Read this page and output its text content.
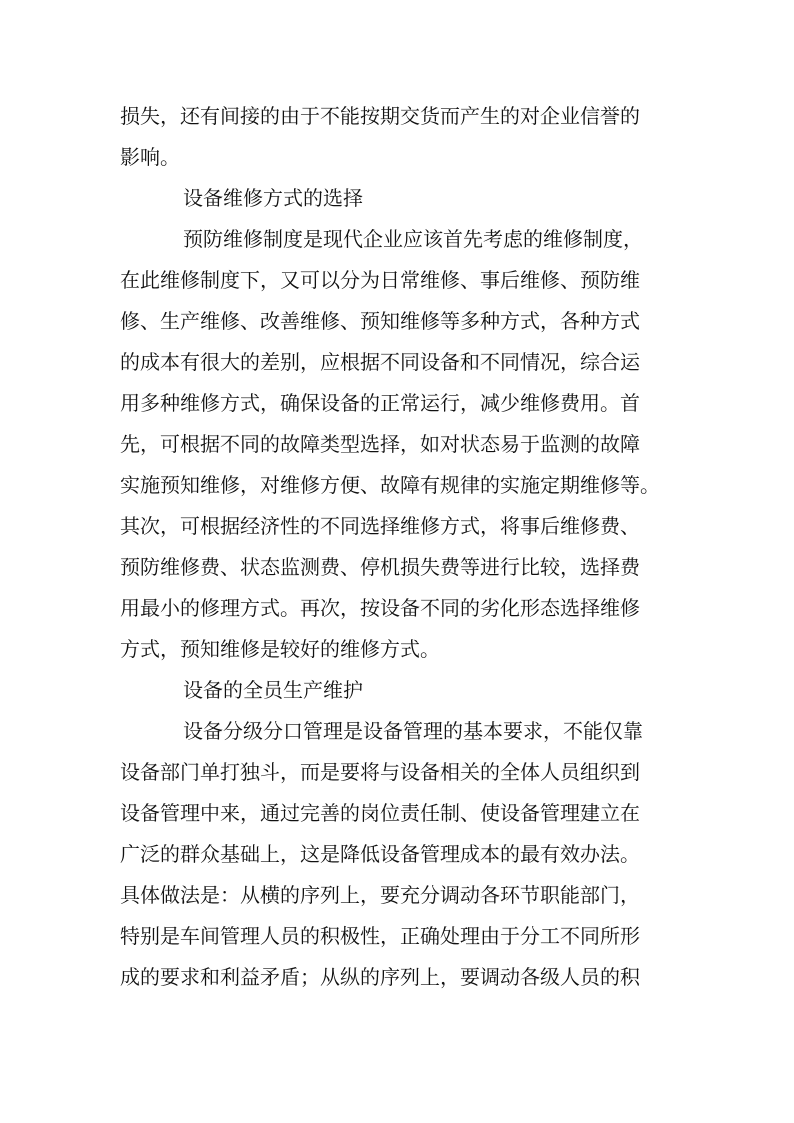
损失，还有间接的由于不能按期交货而产生的对企业信誉的
影响。
设备维修方式的选择
预防维修制度是现代企业应该首先考虑的维修制度，
在此维修制度下，又可以分为日常维修、事后维修、预防维
修、生产维修、改善维修、预知维修等多种方式，各种方式
的成本有很大的差别，应根据不同设备和不同情况，综合运
用多种维修方式，确保设备的正常运行，减少维修费用。首
先，可根据不同的故障类型选择，如对状态易于监测的故障
实施预知维修，对维修方便、故障有规律的实施定期维修等。
其次，可根据经济性的不同选择维修方式，将事后维修费、
预防维修费、状态监测费、停机损失费等进行比较，选择费
用最小的修理方式。再次，按设备不同的劣化形态选择维修
方式，预知维修是较好的维修方式。
设备的全员生产维护
设备分级分口管理是设备管理的基本要求，不能仅靠
设备部门单打独斗，而是要将与设备相关的全体人员组织到
设备管理中来，通过完善的岗位责任制、使设备管理建立在
广泛的群众基础上，这是降低设备管理成本的最有效办法。
具体做法是：从横的序列上，要充分调动各环节职能部门，
特别是车间管理人员的积极性，正确处理由于分工不同所形
成的要求和利益矛盾；从纵的序列上，要调动各级人员的积
